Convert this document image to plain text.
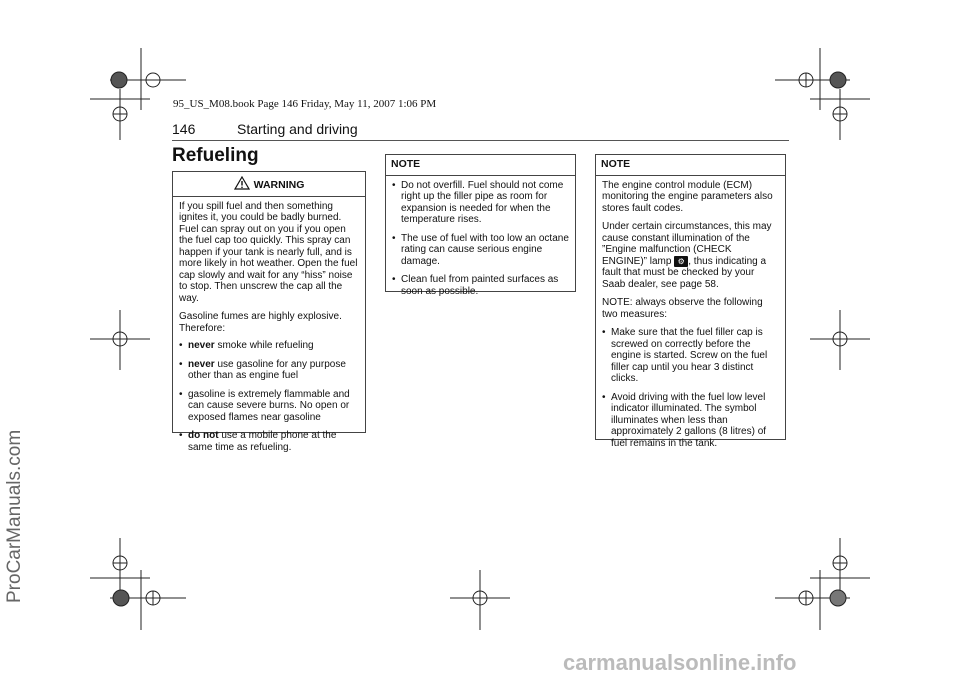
95_US_M08.book Page 146 Friday, May 11, 2007 1:06 PM
ProCarManuals.com
146	Starting and driving
Refueling
WARNING

If you spill fuel and then something ignites it, you could be badly burned. Fuel can spray out on you if you open the fuel cap too quickly. This spray can happen if your tank is nearly full, and is more likely in hot weather. Open the fuel cap slowly and wait for any “hiss” noise to stop. Then unscrew the cap all the way.

Gasoline fumes are highly explosive. Therefore:

• never smoke while refueling
• never use gasoline for any purpose other than as engine fuel
• gasoline is extremely flammable and can cause severe burns. No open or exposed flames near gasoline
• do not use a mobile phone at the same time as refueling.
NOTE
• Do not overfill. Fuel should not come right up the filler pipe as room for expansion is needed for when the temperature rises.
• The use of fuel with too low an octane rating can cause serious engine damage.
• Clean fuel from painted surfaces as soon as possible.
NOTE

The engine control module (ECM) monitoring the engine parameters also stores fault codes.

Under certain circumstances, this may cause constant illumination of the ”Engine malfunction (CHECK ENGINE)” lamp ⚙ , thus indicating a fault that must be checked by your Saab dealer, see page 58.

NOTE: always observe the following two measures:

• Make sure that the fuel filler cap is screwed on correctly before the engine is started. Screw on the fuel filler cap until you hear 3 distinct clicks.
• Avoid driving with the fuel low level indicator illuminated. The symbol illuminates when less than approximately 2 gallons (8 litres) of fuel remains in the tank.
carmanualsonline.info
